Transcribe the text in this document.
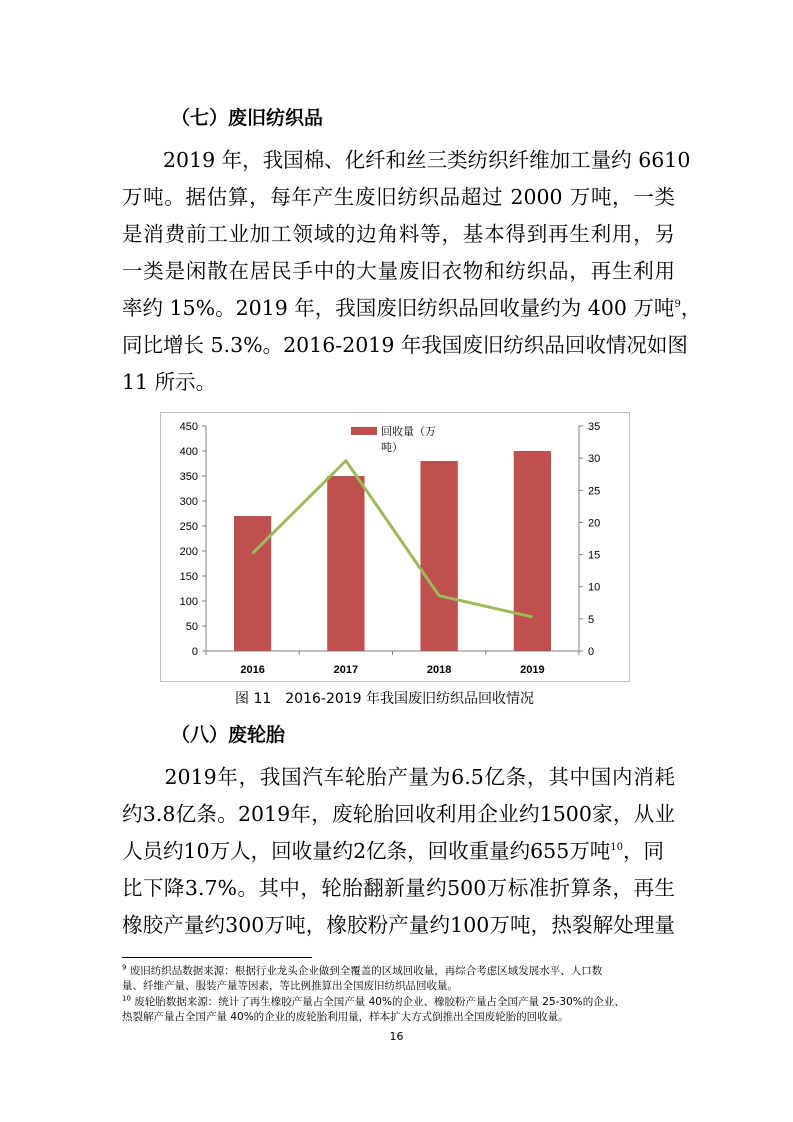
（七）废旧纺织品
　　2019 年，我国棉、化纤和丝三类纺织纤维加工量约 6610
万吨。据估算，每年产生废旧纺织品超过 2000 万吨，一类
是消费前工业加工领域的边角料等，基本得到再生利用，另
一类是闲散在居民手中的大量废旧衣物和纺织品，再生利用
率约 15%。2019 年，我国废旧纺织品回收量约为 400 万吨$^9$，
同比增长 5.3%。2016-2019 年我国废旧纺织品回收情况如图
11 所示。
0
50
100
150
200
250
300
350
400
450
0
5
10
15
20
25
30
35
2016	2017	2018	2019
回收量（万
吨）
图 11　2016-2019 年我国废旧纺织品回收情况
（八）废轮胎
　　2019年，我国汽车轮胎产量为6.5亿条，其中国内消耗
约3.8亿条。2019年，废轮胎回收利用企业约1500家，从业
人员约10万人，回收量约2亿条，回收重量约655万吨$^{10}$，同
比下降3.7%。其中，轮胎翻新量约500万标准折算条，再生
橡胶产量约300万吨，橡胶粉产量约100万吨，热裂解处理量
$^9$ 废旧纺织品数据来源：根据行业龙头企业做到全覆盖的区域回收量，再综合考虑区域发展水平、人口数
量、纤维产量、服装产量等因素，等比例推算出全国废旧纺织品回收量。
$^{10}$ 废轮胎数据来源：统计了再生橡胶产量占全国产量 40%的企业、橡胶粉产量占全国产量 25-30%的企业、
热裂解产量占全国产量 40%的企业的废轮胎利用量，样本扩大方式倒推出全国废轮胎的回收量。
16
